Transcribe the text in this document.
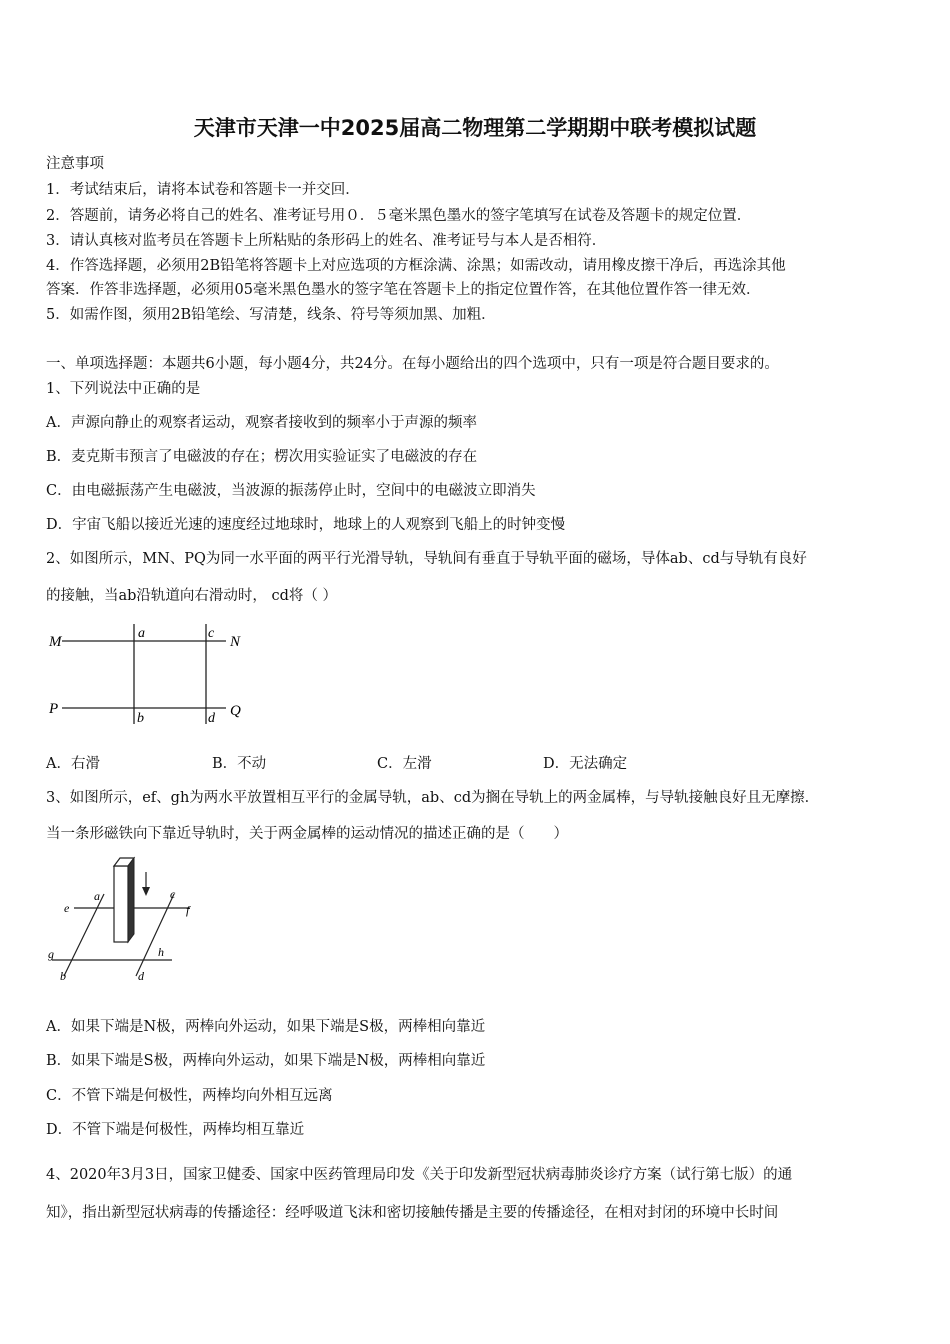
天津市天津一中2025届高二物理第二学期期中联考模拟试题
注意事项
1．考试结束后，请将本试卷和答题卡一并交回．
2．答题前，请务必将自己的姓名、准考证号用０．５毫米黑色墨水的签字笔填写在试卷及答题卡的规定位置．
3．请认真核对监考员在答题卡上所粘贴的条形码上的姓名、准考证号与本人是否相符．
4．作答选择题，必须用2B铅笔将答题卡上对应选项的方框涂满、涂黑；如需改动，请用橡皮擦干净后，再选涂其他
答案．作答非选择题，必须用05毫米黑色墨水的签字笔在答题卡上的指定位置作答，在其他位置作答一律无效．
5．如需作图，须用2B铅笔绘、写清楚，线条、符号等须加黑、加粗．
一、单项选择题：本题共6小题，每小题4分，共24分。在每小题给出的四个选项中，只有一项是符合题目要求的。
1、下列说法中正确的是
A．声源向静止的观察者运动，观察者接收到的频率小于声源的频率
B．麦克斯韦预言了电磁波的存在；楞次用实验证实了电磁波的存在
C．由电磁振荡产生电磁波，当波源的振荡停止时，空间中的电磁波立即消失
D．宇宙飞船以接近光速的速度经过地球时，地球上的人观察到飞船上的时钟变慢
2、如图所示，MN、PQ为同一水平面的两平行光滑导轨，导轨间有垂直于导轨平面的磁场，导体ab、cd与导轨有良好
的接触，当ab沿轨道向右滑动时， cd将（ ）
M
a	c
N
P
b	d Q
A．右滑	B．不动	C．左滑	D．无法确定
3、如图所示，ef、gh为两水平放置相互平行的金属导轨，ab、cd为搁在导轨上的两金属棒，与导轨接触良好且无摩擦．
当一条形磁铁向下靠近导轨时，关于两金属棒的运动情况的描述正确的是（　　）
a	c
e	f
g	h
b	d
A．如果下端是N极，两棒向外运动，如果下端是S极，两棒相向靠近
B．如果下端是S极，两棒向外运动，如果下端是N极，两棒相向靠近
C．不管下端是何极性，两棒均向外相互远离
D．不管下端是何极性，两棒均相互靠近
4、2020年3月3日，国家卫健委、国家中医药管理局印发《关于印发新型冠状病毒肺炎诊疗方案（试行第七版）的通
知》，指出新型冠状病毒的传播途径：经呼吸道飞沫和密切接触传播是主要的传播途径，在相对封闭的环境中长时间
